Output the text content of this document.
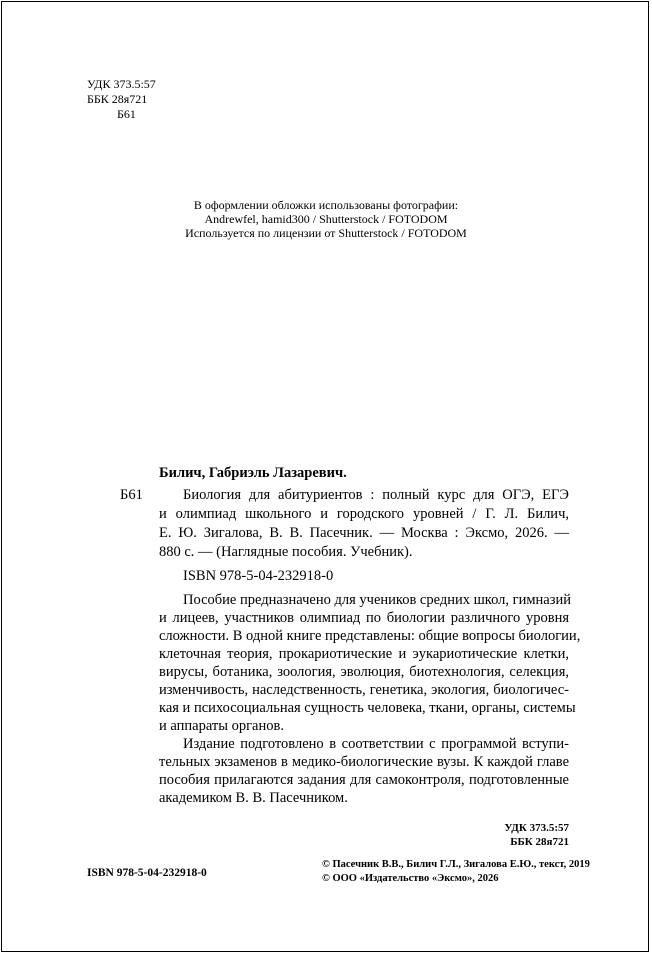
УДК 373.5:57
ББК 28я721
Б61
В оформлении обложки использованы фотографии:
Andrewfel, hamid300 / Shutterstock / FOTODOM
Используется по лицензии от Shutterstock / FOTODOM
Билич, Габриэль Лазаревич.
Б61	Биология для абитуриентов : полный курс для ОГЭ, ЕГЭ
и олимпиад школьного и городского уровней / Г. Л. Билич,
Е. Ю. Зигалова, В. В. Пасечник. — Москва : Эксмо, 2026. —
880 с. — (Наглядные пособия. Учебник).
ISBN 978-5-04-232918-0
Пособие предназначено для учеников средних школ, гимназий
и лицеев, участников олимпиад по биологии различного уровня
сложности. В одной книге представлены: общие вопросы биологии,
клеточная теория, прокариотические и эукариотические клетки,
вирусы, ботаника, зоология, эволюция, биотехнология, селекция,
изменчивость, наследственность, генетика, экология, биологичес-
кая и психосоциальная сущность человека, ткани, органы, системы
и аппараты органов.
Издание подготовлено в соответствии с программой вступи-
тельных экзаменов в медико-биологические вузы. К каждой главе
пособия прилагаются задания для самоконтроля, подготовленные
академиком В. В. Пасечником.
УДК 373.5:57
ББК 28я721
ISBN 978-5-04-232918-0
© Пасечник В.В., Билич Г.Л., Зигалова Е.Ю., текст, 2019
© ООО «Издательство «Эксмо», 2026
